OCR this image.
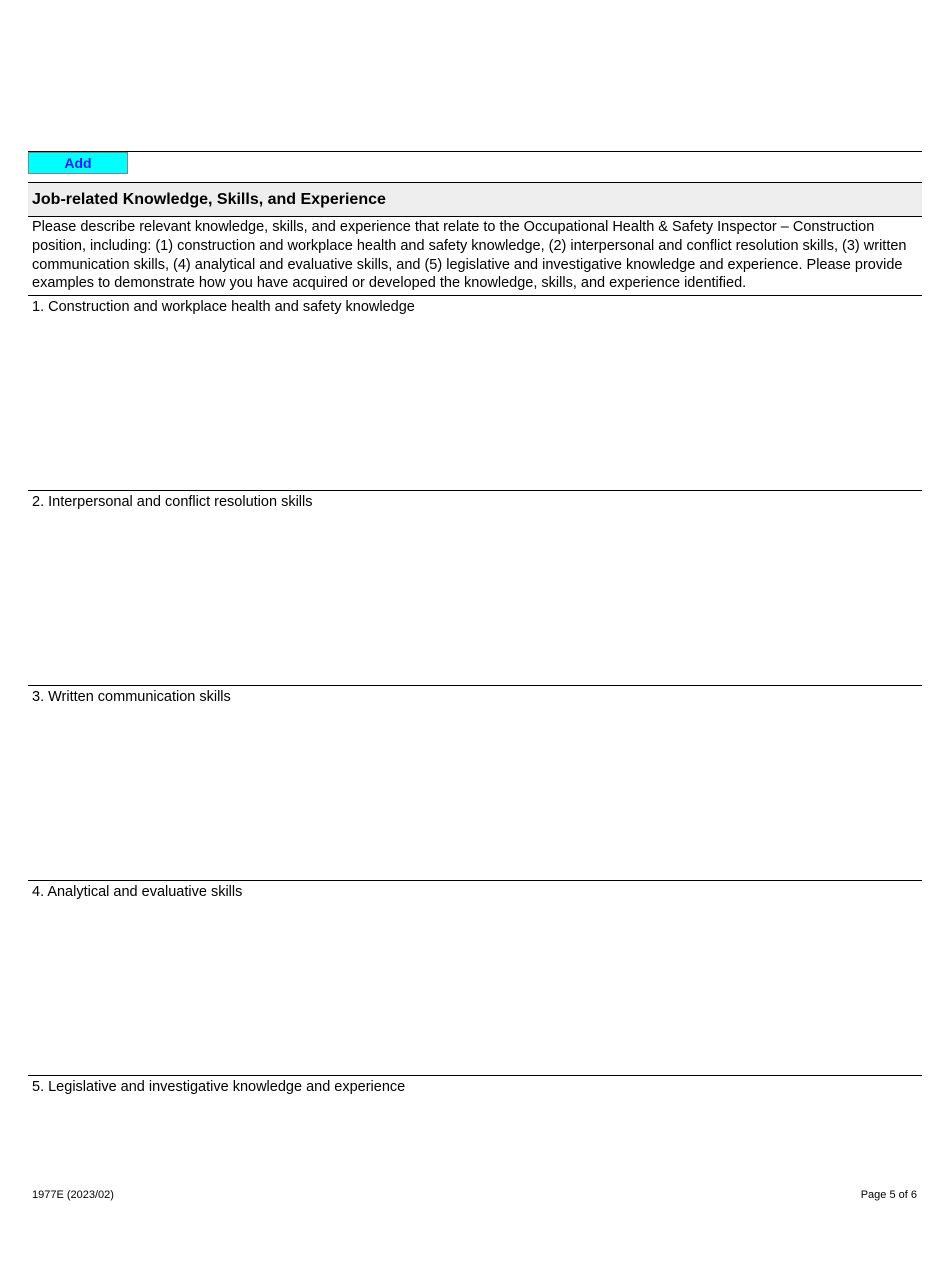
Add
Job-related Knowledge, Skills, and Experience
Please describe relevant knowledge, skills, and experience that relate to the Occupational Health & Safety Inspector – Construction position, including: (1) construction and workplace health and safety knowledge, (2) interpersonal and conflict resolution skills, (3) written communication skills, (4) analytical and evaluative skills, and (5) legislative and investigative knowledge and experience. Please provide examples to demonstrate how you have acquired or developed the knowledge, skills, and experience identified.
1. Construction and workplace health and safety knowledge
2. Interpersonal and conflict resolution skills
3. Written communication skills
4. Analytical and evaluative skills
5. Legislative and investigative knowledge and experience
1977E (2023/02)	Page 5 of 6
